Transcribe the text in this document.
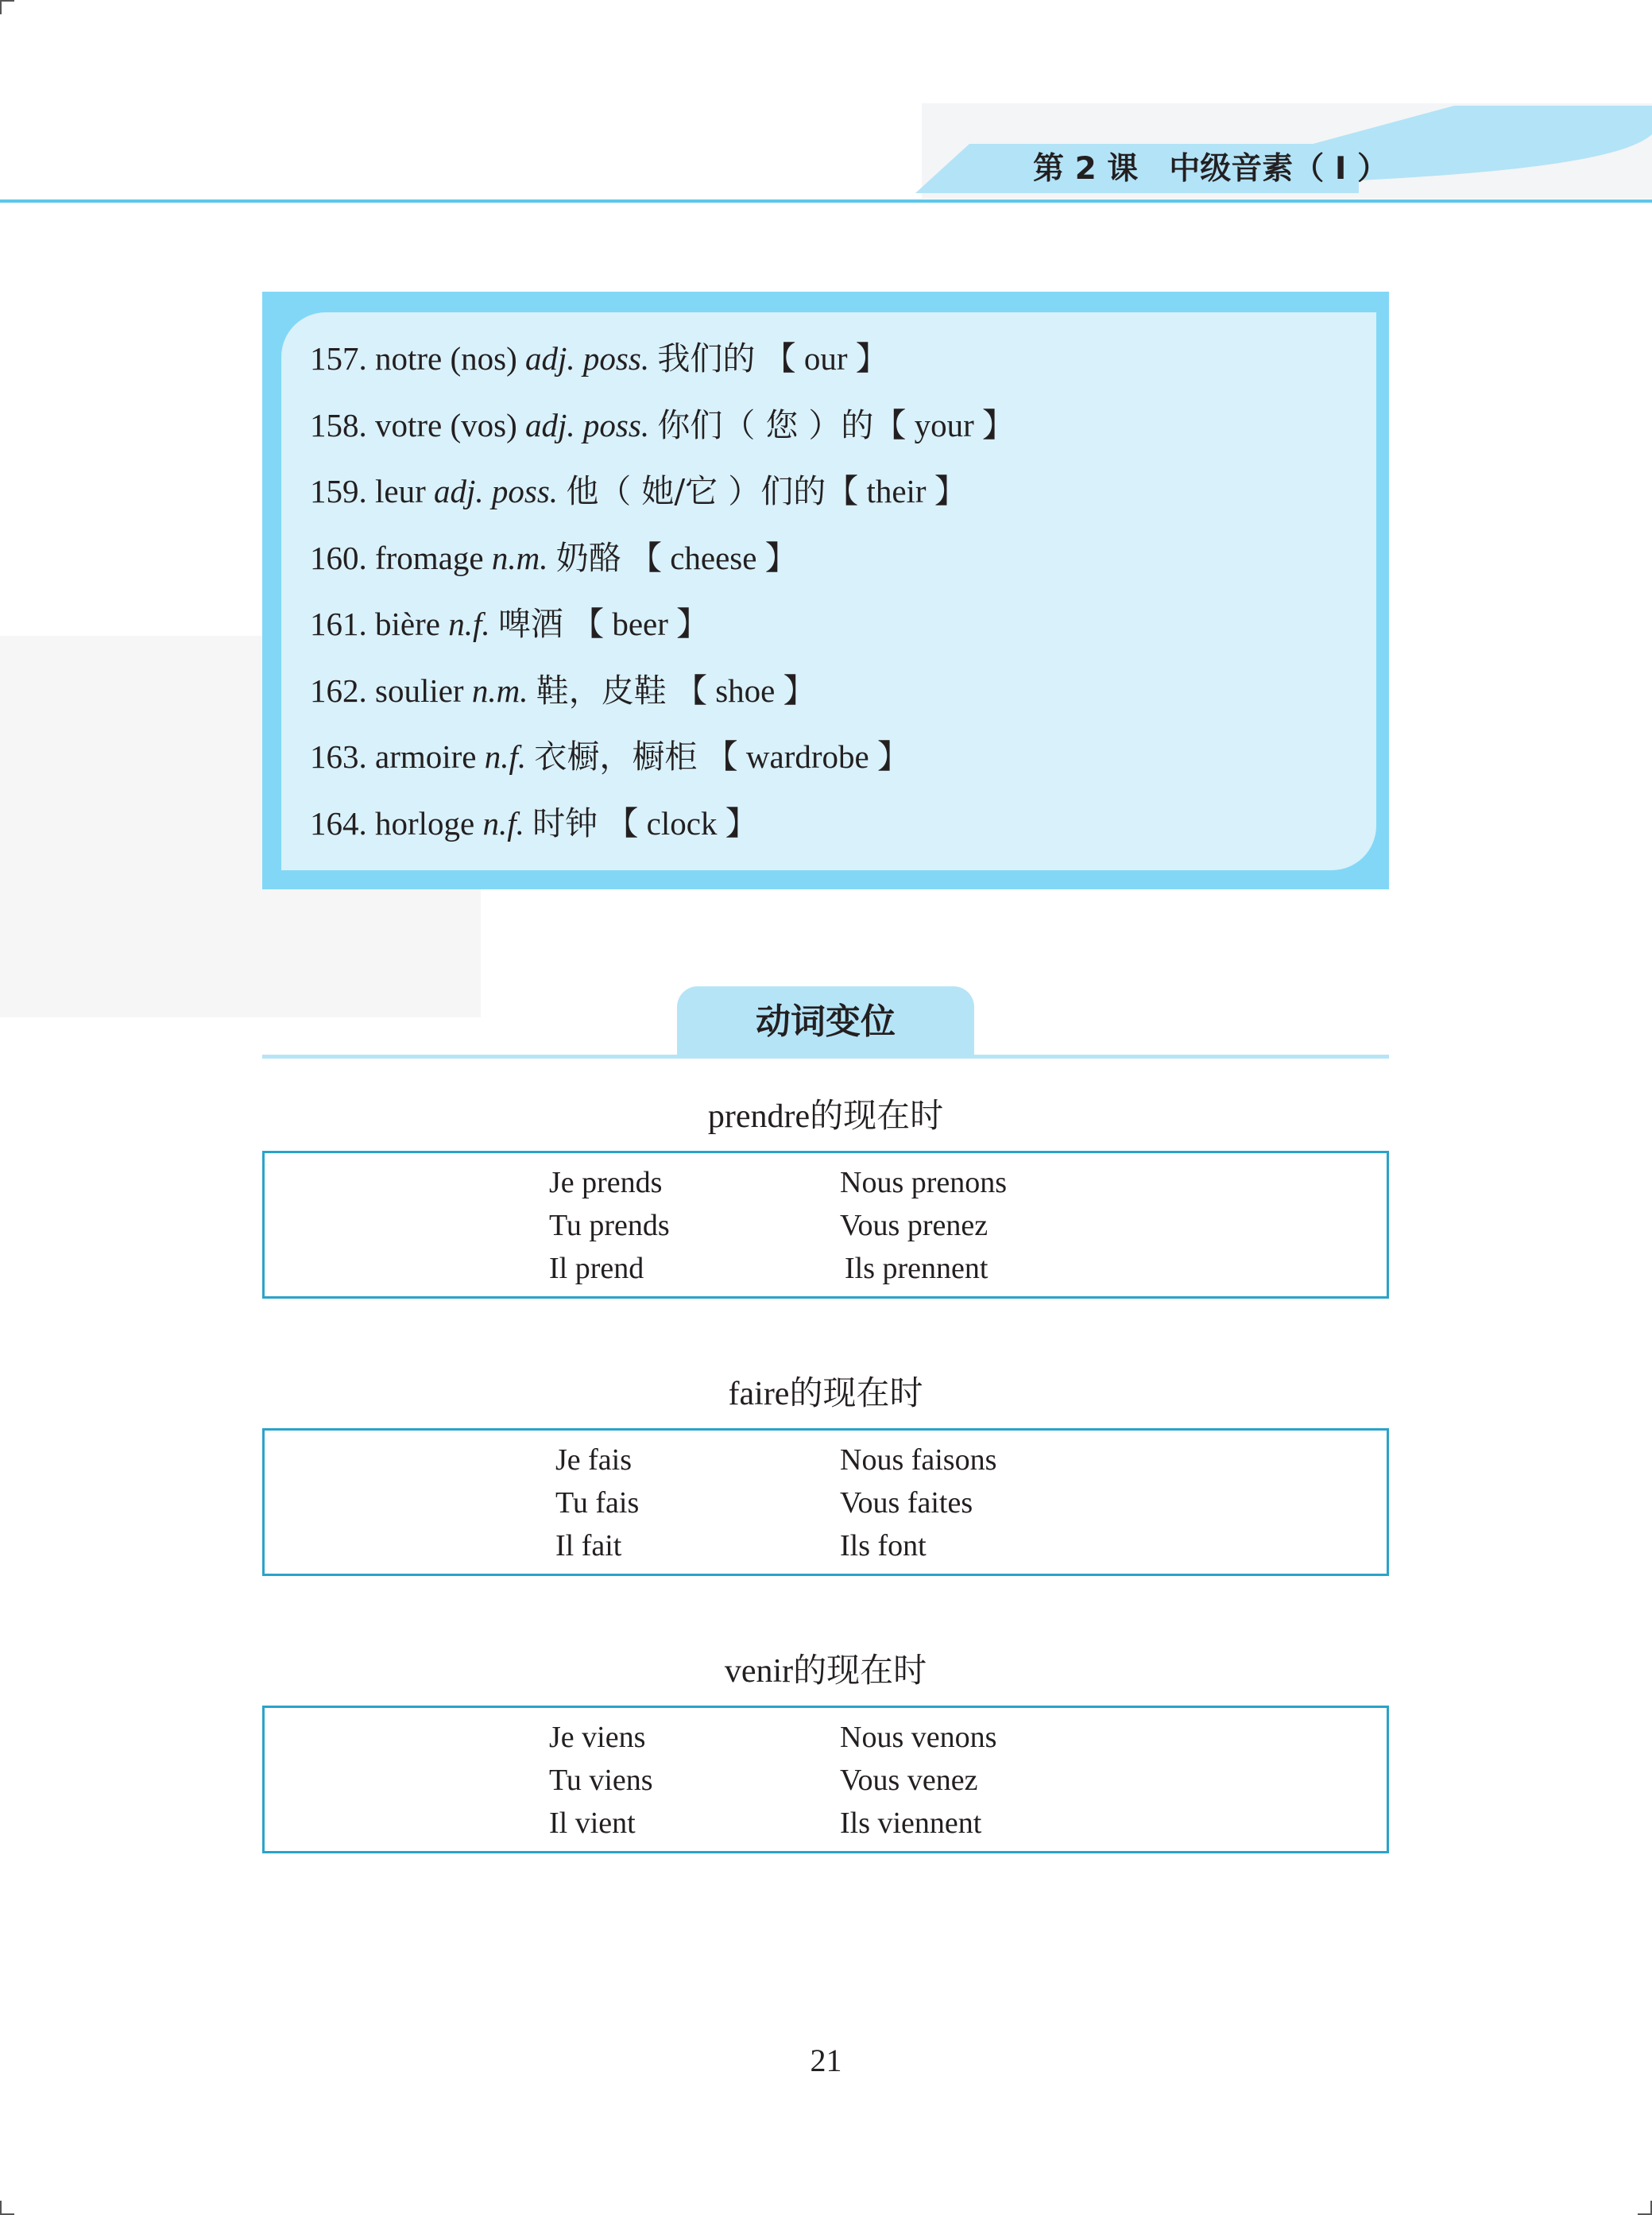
第 2 课　中级音素（ I ）
157. notre (nos) adj. poss. 我们的 【 our 】
158. votre (vos) adj. poss. 你们（ 您 ）的【 your 】
159. leur adj. poss. 他（ 她/它 ）们的【 their 】
160. fromage n.m. 奶酪 【 cheese 】
161. bière n.f. 啤酒 【 beer 】
162. soulier n.m. 鞋，皮鞋 【 shoe 】
163. armoire n.f. 衣橱，橱柜 【 wardrobe 】
164. horloge n.f. 时钟 【 clock 】
动词变位
prendre的现在时
Je prends
Tu prends
Il prend
Nous prenons
Vous prenez
Ils prennent
faire的现在时
Je fais
Tu fais
Il fait
Nous faisons
Vous faites
Ils font
venir的现在时
Je viens
Tu viens
Il vient
Nous venons
Vous venez
Ils viennent
21
